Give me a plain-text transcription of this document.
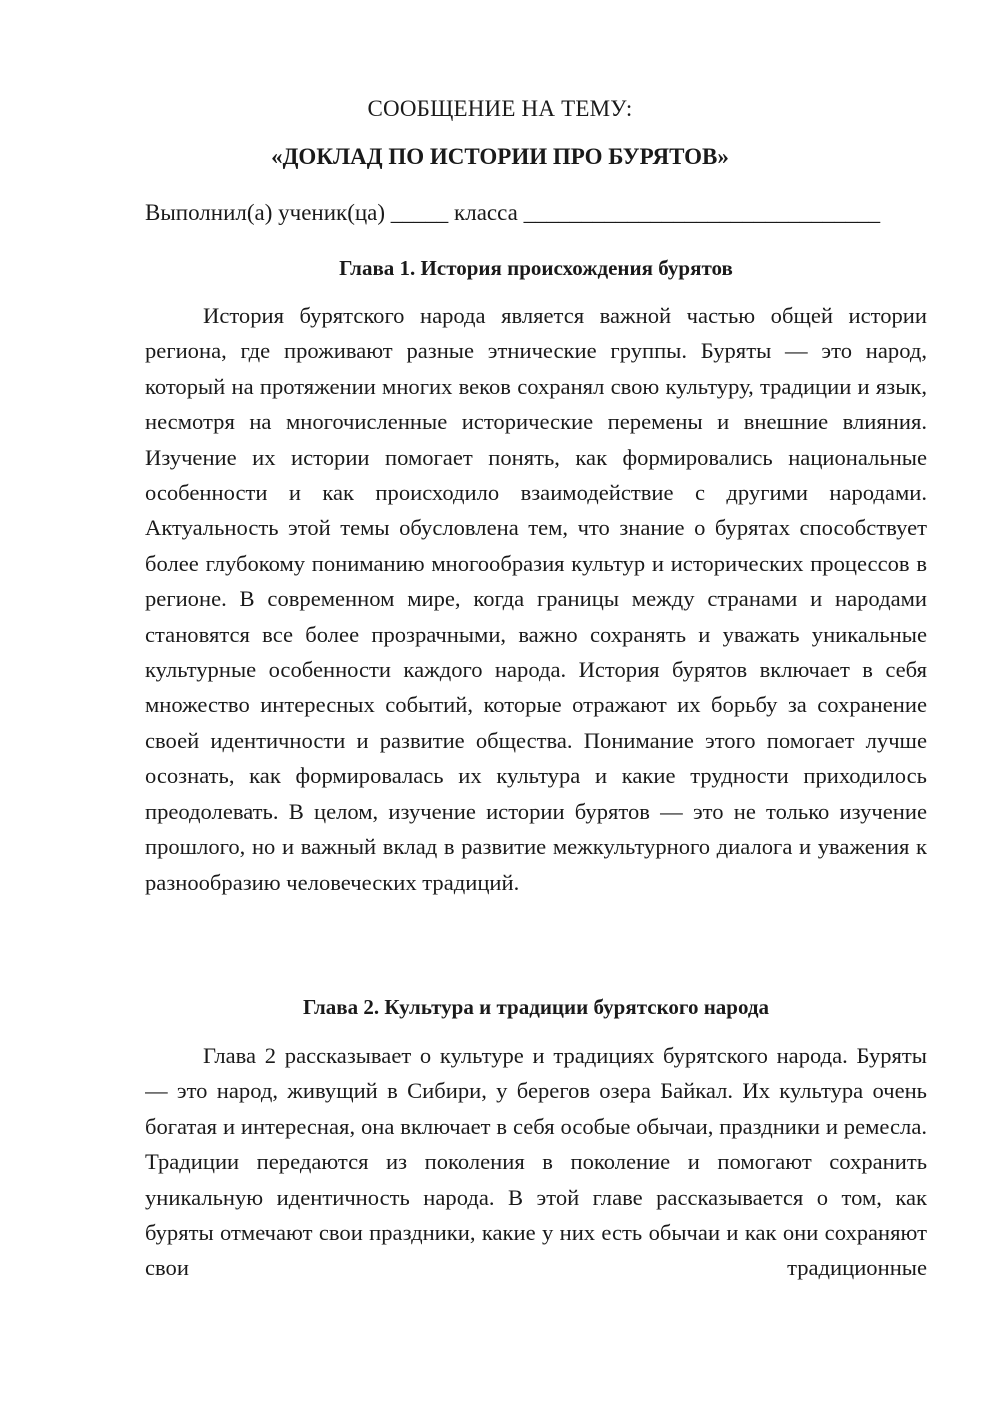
СООБЩЕНИЕ НА ТЕМУ:
«ДОКЛАД ПО ИСТОРИИ ПРО БУРЯТОВ»
Выполнил(а) ученик(ца) _____ класса _______________________________
Глава 1. История происхождения бурятов

История бурятского народа является важной частью общей истории региона, где проживают разные этнические группы. Буряты — это народ, который на протяжении многих веков сохранял свою культуру, традиции и язык, несмотря на многочисленные исторические перемены и внешние влияния. Изучение их истории помогает понять, как формировались национальные особенности и как происходило взаимодействие с другими народами. Актуальность этой темы обусловлена тем, что знание о бурятах способствует более глубокому пониманию многообразия культур и исторических процессов в регионе. В современном мире, когда границы между странами и народами становятся все более прозрачными, важно сохранять и уважать уникальные культурные особенности каждого народа. История бурятов включает в себя множество интересных событий, которые отражают их борьбу за сохранение своей идентичности и развитие общества. Понимание этого помогает лучше осознать, как формировалась их культура и какие трудности приходилось преодолевать. В целом, изучение истории бурятов — это не только изучение прошлого, но и важный вклад в развитие межкультурного диалога и уважения к разнообразию человеческих традиций.

Глава 2. Культура и традиции бурятского народа

Глава 2 рассказывает о культуре и традициях бурятского народа. Буряты — это народ, живущий в Сибири, у берегов озера Байкал. Их культура очень богатая и интересная, она включает в себя особые обычаи, праздники и ремесла. Традиции передаются из поколения в поколение и помогают сохранить уникальную идентичность народа. В этой главе рассказывается о том, как буряты отмечают свои праздники, какие у них есть обычаи и как они сохраняют свои традиционные
